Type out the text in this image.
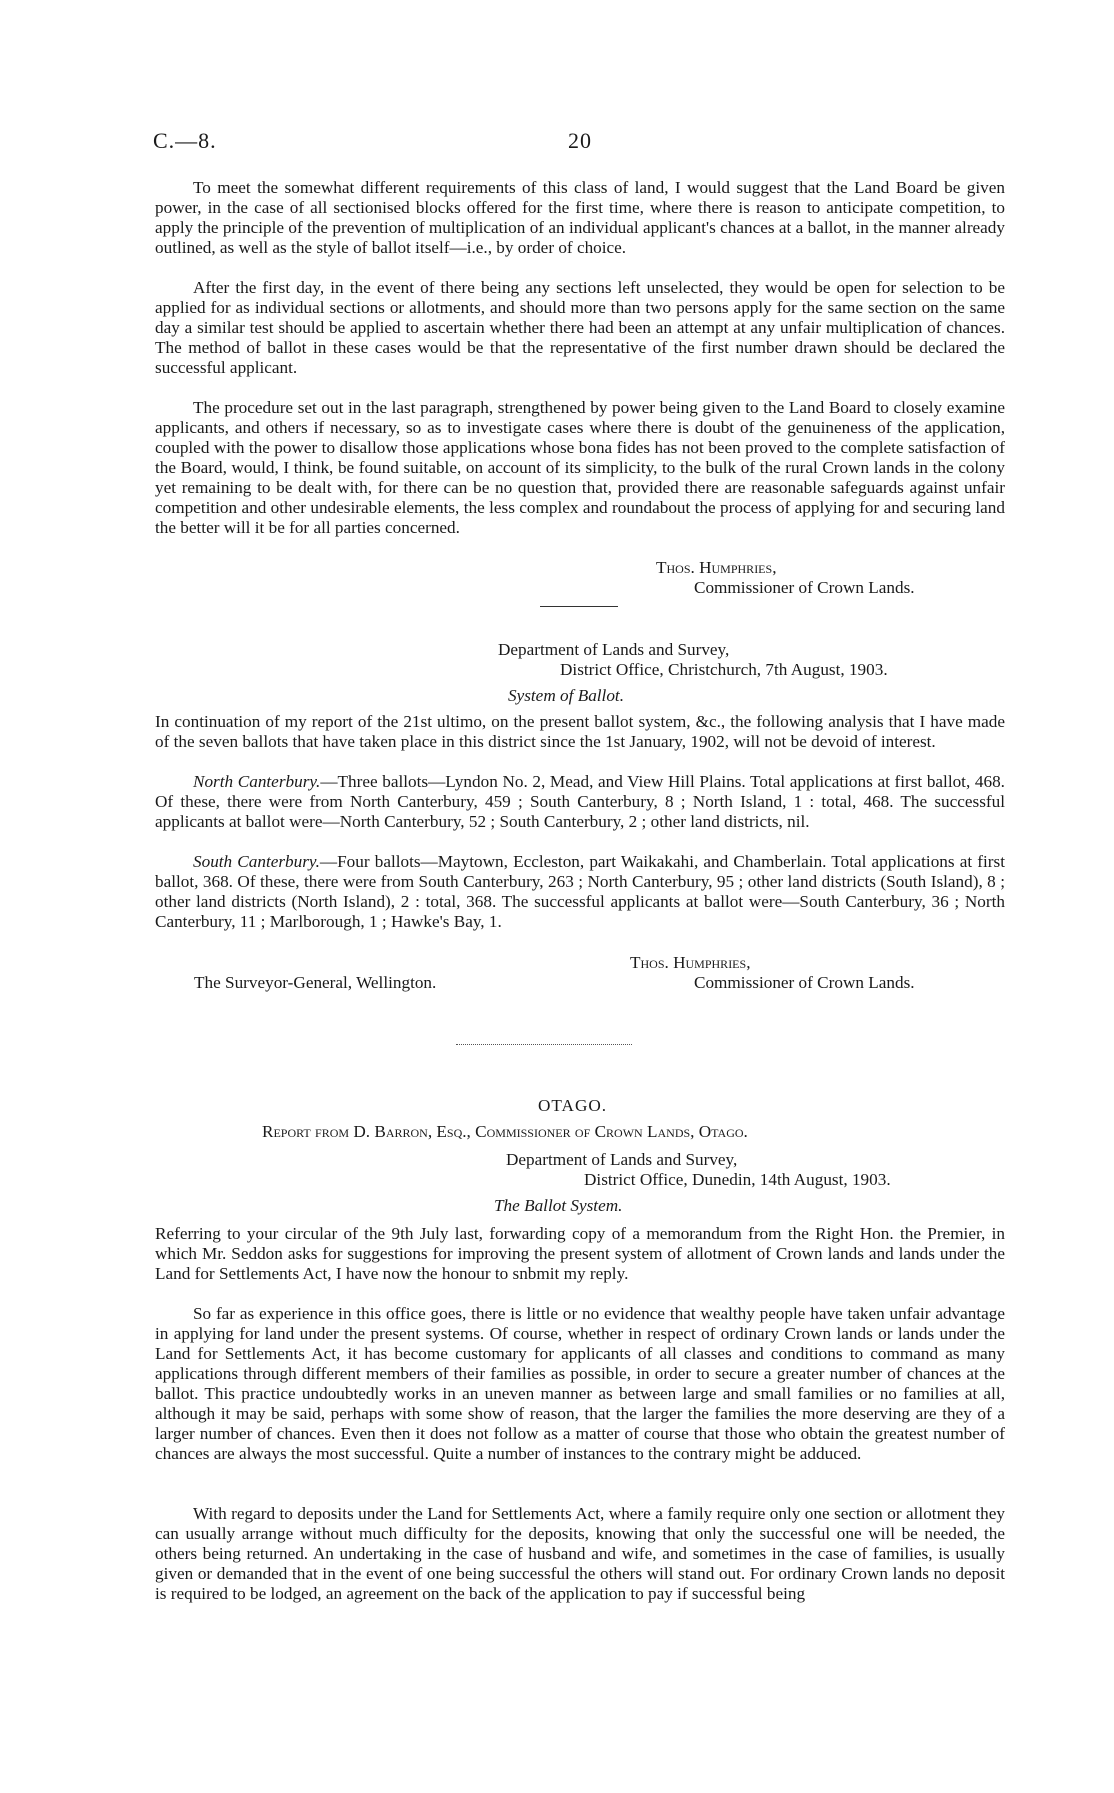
C.—8.	20

To meet the somewhat different requirements of this class of land, I would suggest that the Land Board be given power, in the case of all sectionised blocks offered for the first time, where there is reason to anticipate competition, to apply the principle of the prevention of multiplication of an individual applicant's chances at a ballot, in the manner already outlined, as well as the style of ballot itself—i.e., by order of choice.

After the first day, in the event of there being any sections left unselected, they would be open for selection to be applied for as individual sections or allotments, and should more than two persons apply for the same section on the same day a similar test should be applied to ascertain whether there had been an attempt at any unfair multiplication of chances. The method of ballot in these cases would be that the representative of the first number drawn should be declared the successful applicant.

The procedure set out in the last paragraph, strengthened by power being given to the Land Board to closely examine applicants, and others if necessary, so as to investigate cases where there is doubt of the genuineness of the application, coupled with the power to disallow those applications whose bona fides has not been proved to the complete satisfaction of the Board, would, I think, be found suitable, on account of its simplicity, to the bulk of the rural Crown lands in the colony yet remaining to be dealt with, for there can be no question that, provided there are reasonable safeguards against unfair competition and other undesirable elements, the less complex and roundabout the process of applying for and securing land the better will it be for all parties concerned.

Thos. Humphries,
Commissioner of Crown Lands.
Department of Lands and Survey,
District Office, Christchurch, 7th August, 1903.
System of Ballot.

In continuation of my report of the 21st ultimo, on the present ballot system, &c., the following analysis that I have made of the seven ballots that have taken place in this district since the 1st January, 1902, will not be devoid of interest.

North Canterbury.—Three ballots—Lyndon No. 2, Mead, and View Hill Plains. Total applications at first ballot, 468. Of these, there were from North Canterbury, 459 ; South Canterbury, 8 ; North Island, 1 : total, 468. The successful applicants at ballot were—North Canterbury, 52 ; South Canterbury, 2 ; other land districts, nil.

South Canterbury.—Four ballots—Maytown, Eccleston, part Waikakahi, and Chamberlain. Total applications at first ballot, 368. Of these, there were from South Canterbury, 263 ; North Canterbury, 95 ; other land districts (South Island), 8 ; other land districts (North Island), 2 : total, 368. The successful applicants at ballot were—South Canterbury, 36 ; North Canterbury, 11 ; Marlborough, 1 ; Hawke's Bay, 1.

Thos. Humphries,
The Surveyor-General, Wellington.	Commissioner of Crown Lands.
OTAGO.
Report from D. Barron, Esq., Commissioner of Crown Lands, Otago.
Department of Lands and Survey,
District Office, Dunedin, 14th August, 1903.
The Ballot System.

Referring to your circular of the 9th July last, forwarding copy of a memorandum from the Right Hon. the Premier, in which Mr. Seddon asks for suggestions for improving the present system of allotment of Crown lands and lands under the Land for Settlements Act, I have now the honour to snbmit my reply.

So far as experience in this office goes, there is little or no evidence that wealthy people have taken unfair advantage in applying for land under the present systems. Of course, whether in respect of ordinary Crown lands or lands under the Land for Settlements Act, it has become customary for applicants of all classes and conditions to command as many applications through different members of their families as possible, in order to secure a greater number of chances at the ballot. This practice undoubtedly works in an uneven manner as between large and small families or no families at all, although it may be said, perhaps with some show of reason, that the larger the families the more deserving are they of a larger number of chances. Even then it does not follow as a matter of course that those who obtain the greatest number of chances are always the most successful. Quite a number of instances to the contrary might be adduced.

With regard to deposits under the Land for Settlements Act, where a family require only one section or allotment they can usually arrange without much difficulty for the deposits, knowing that only the successful one will be needed, the others being returned. An undertaking in the case of husband and wife, and sometimes in the case of families, is usually given or demanded that in the event of one being successful the others will stand out. For ordinary Crown lands no deposit is required to be lodged, an agreement on the back of the application to pay if successful being
